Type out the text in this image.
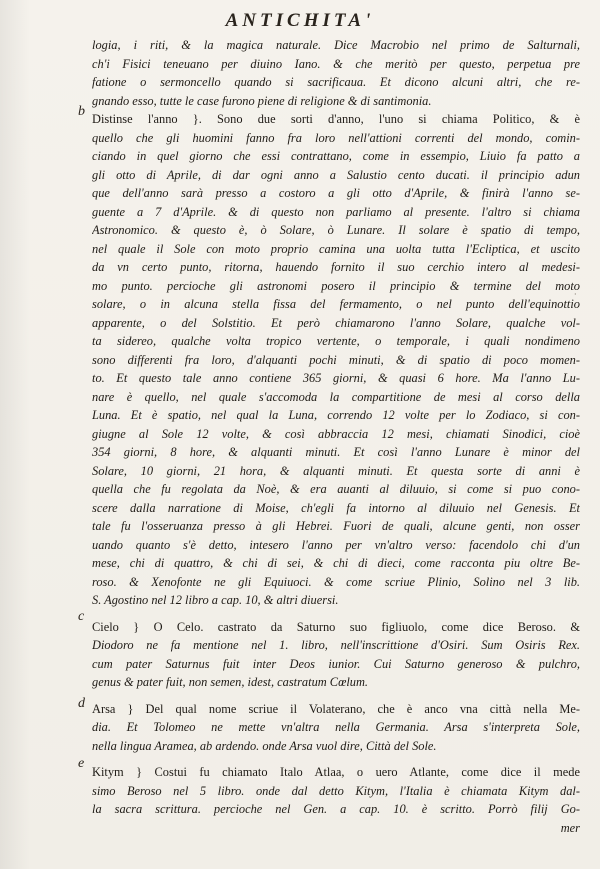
ANTICHITA'
b
c
d
e
·
logia, i riti, & la magica naturale. Dice Macrobio nel primo de Salturnali,
ch'i Fisici teneuano per diuino Iano. & che meritò per questo, perpetua pre
fatione o sermoncello quando si sacrificaua. Et dicono alcuni altri, che re-
gnando esso, tutte le case furono piene di religione & di santimonia.
Distinse l'anno }. Sono due sorti d'anno, l'uno si chiama Politico, & è
quello che gli huomini fanno fra loro nell'attioni correnti del mondo, comin-
ciando in quel giorno che essi contrattano, come in essempio, Liuio fa patto a
gli otto di Aprile, di dar ogni anno a Salustio cento ducati. il principio adun
que dell'anno sarà presso a costoro a gli otto d'Aprile, & finirà l'anno se-
guente a 7 d'Aprile. & di questo non parliamo al presente. l'altro si chiama
Astronomico. & questo è, ò Solare, ò Lunare. Il solare è spatio di tempo,
nel quale il Sole con moto proprio camina una uolta tutta l'Eclipticа, et uscito
da vn certo punto, ritorna, hauendo fornito il suo cerchio intero al medesi-
mo punto. percioche gli astronomi posero il principio & termine del moto
solare, o in alcuna stella fissa del fermamento, o nel punto dell'equinottio
apparente, o del Solstitio. Et però chiamarono l'anno Solare, qualche vol-
ta sidereo, qualche volta tropico vertente, o temporale, i quali nondimeno
sono differenti fra loro, d'alquanti pochi minuti, & di spatio di poco momen-
to. Et questo tale anno contiene 365 giorni, & quasi 6 hore. Ma l'anno Lu-
nare è quello, nel quale s'accomoda la compartitione de mesi al corso della
Luna. Et è spatio, nel qual la Luna, correndo 12 volte per lo Zodiaco, si con-
giugne al Sole 12 volte, & così abbraccia 12 mesi, chiamati Sinodici, cioè
354 giorni, 8 hore, & alquanti minuti. Et così l'anno Lunare è minor del
Solare, 10 giorni, 21 hora, & alquanti minuti. Et questa sorte di anni è
quella che fu regolata da Noè, & era auanti al diluuio, si come si puo cono-
scere dalla narratione di Moise, ch'egli fa intorno al diluuio nel Genesis. Et
tale fu l'osseruanza presso à gli Hebrei. Fuori de quali, alcune genti, non osser
uando quanto s'è detto, intesero l'anno per vn'altro verso: facendolo chi d'un
mese, chi di quattro, & chi di sei, & chi di dieci, come racconta piu oltre Be-
roso. & Xenofonte ne gli Equiuoci. & come scriue Plinio, Solino nel 3 lib.
S. Agostino nel 12 libro a cap. 10, & altri diuersi.
Cielo } O Celo. castrato da Saturno suo figliuolo, come dice Beroso. &
Diodoro ne fa mentione nel 1. libro, nell'inscrittione d'Osiri. Sum Osiris Rex.
cum pater Saturnus fuit inter Deos iunior. Cui Saturno generoso & pulchro,
genus & pater fuit, non semen, idest, castratum Cœlum.
Arsa } Del qual nome scriue il Volaterano, che è anco vna città nella Me-
dia. Et Tolomeo ne mette vn'altra nella Germania. Arsa s'interpreta Sole,
nella lingua Aramea, ab ardendo. onde Arsa vuol dire, Città del Sole.
Kitym } Costui fu chiamato Italo Atlaa, o uero Atlante, come dice il mede
simo Beroso nel 5 libro. onde dal detto Kitym, l'Italia è chiamata Kitym dal-
la sacra scrittura. percioche nel Gen. a cap. 10. è scritto. Porrò filij Go-
mer
